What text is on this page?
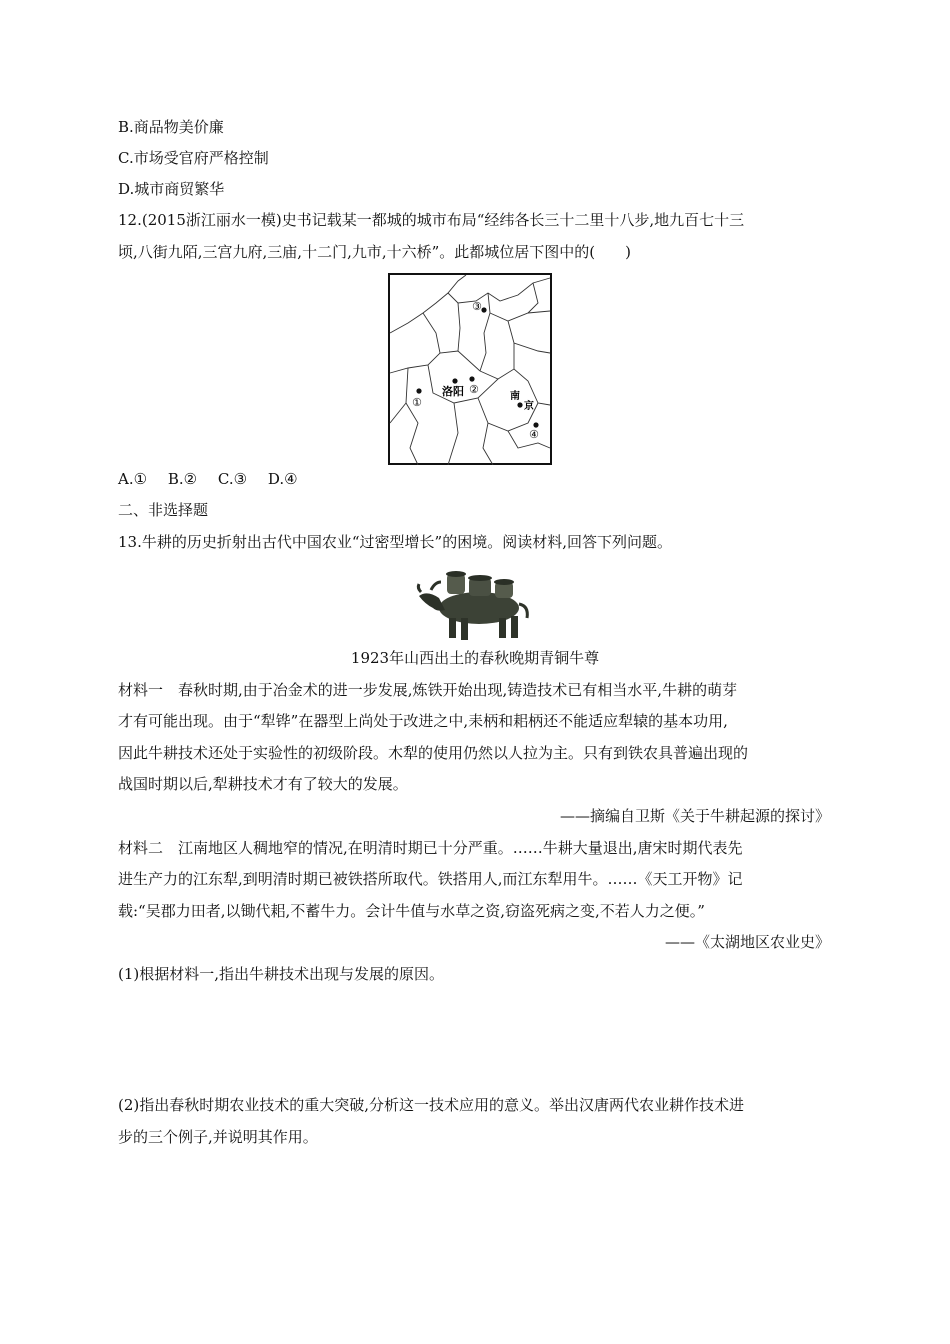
B.商品物美价廉
C.市场受官府严格控制
D.城市商贸繁华
12.(2015浙江丽水一模)史书记载某一都城的城市布局“经纬各长三十二里十八步,地九百七十三
顷,八街九陌,三宫九府,三庙,十二门,九市,十六桥”。此都城位居下图中的(　　)
③
①
洛阳 ②
南
京
④
A.① B.② C.③ D.④
二、非选择题
13.牛耕的历史折射出古代中国农业“过密型增长”的困境。阅读材料,回答下列问题。
1923年山西出土的春秋晚期青铜牛尊
材料一　春秋时期,由于冶金术的进一步发展,炼铁开始出现,铸造技术已有相当水平,牛耕的萌芽
才有可能出现。由于“犁铧”在器型上尚处于改进之中,耒柄和耜柄还不能适应犁辕的基本功用,
因此牛耕技术还处于实验性的初级阶段。木犁的使用仍然以人拉为主。只有到铁农具普遍出现的
战国时期以后,犁耕技术才有了较大的发展。
——摘编自卫斯《关于牛耕起源的探讨》
材料二　江南地区人稠地窄的情况,在明清时期已十分严重。……牛耕大量退出,唐宋时期代表先
进生产力的江东犁,到明清时期已被铁搭所取代。铁搭用人,而江东犁用牛。……《天工开物》记
载:“吴郡力田者,以锄代耜,不蓄牛力。会计牛值与水草之资,窃盗死病之变,不若人力之便。”
——《太湖地区农业史》
(1)根据材料一,指出牛耕技术出现与发展的原因。
(2)指出春秋时期农业技术的重大突破,分析这一技术应用的意义。举出汉唐两代农业耕作技术进
步的三个例子,并说明其作用。
